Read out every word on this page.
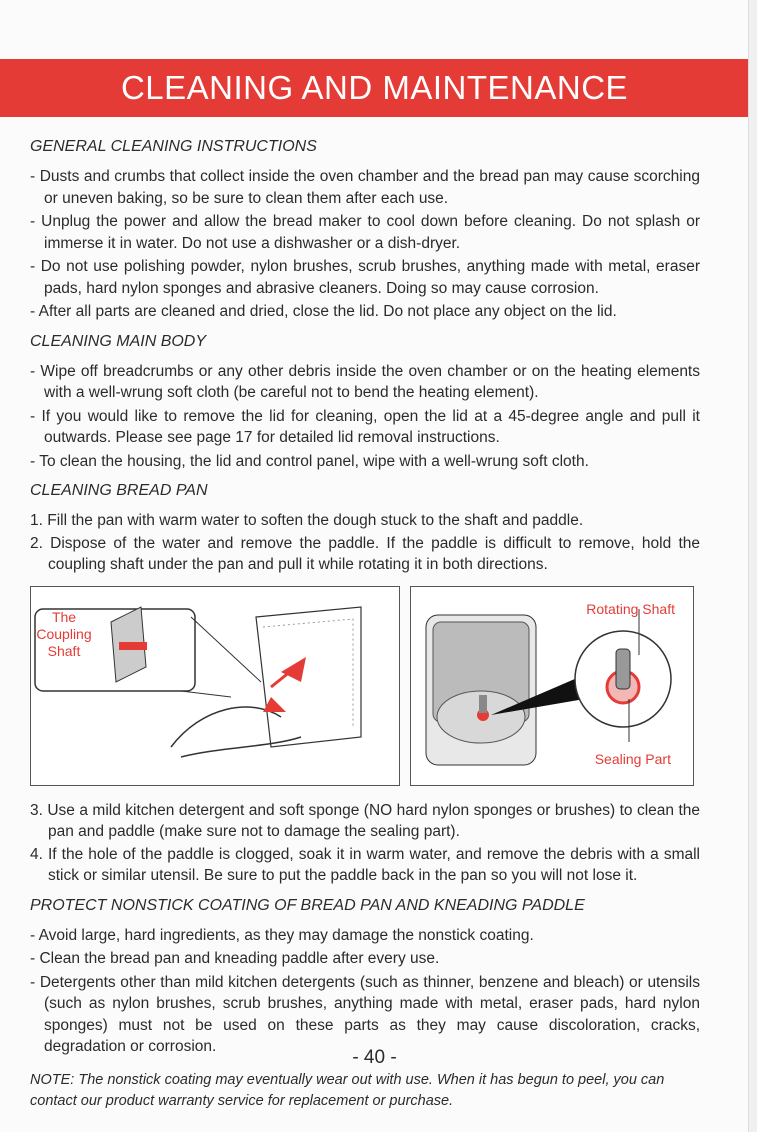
CLEANING AND MAINTENANCE
GENERAL CLEANING INSTRUCTIONS

- Dusts and crumbs that collect inside the oven chamber and the bread pan may cause scorching or uneven baking, so be sure to clean them after each use.

- Unplug the power and allow the bread maker to cool down before cleaning. Do not splash or immerse it in water. Do not use a dishwasher or a dish-dryer.

- Do not use polishing powder, nylon brushes, scrub brushes, anything made with metal, eraser pads, hard nylon sponges and abrasive cleaners. Doing so may cause corrosion.

- After all parts are cleaned and dried, close the lid. Do not place any object on the lid.

CLEANING MAIN BODY

- Wipe off breadcrumbs or any other debris inside the oven chamber or on the heating elements with a well-wrung soft cloth (be careful not to bend the heating element).

- If you would like to remove the lid for cleaning, open the lid at a 45-degree angle and pull it outwards. Please see page 17 for detailed lid removal instructions.

- To clean the housing, the lid and control panel, wipe with a well-wrung soft cloth.

CLEANING BREAD PAN

1. Fill the pan with warm water to soften the dough stuck to the shaft and paddle.

2. Dispose of the water and remove the paddle. If the paddle is difficult to remove, hold the coupling shaft under the pan and pull it while rotating it in both directions.

The Coupling Shaft
Rotating Shaft
Sealing Part

3. Use a mild kitchen detergent and soft sponge (NO hard nylon sponges or brushes) to clean the pan and paddle (make sure not to damage the sealing part).

4. If the hole of the paddle is clogged, soak it in warm water, and remove the debris with a small stick or similar utensil. Be sure to put the paddle back in the pan so you will not lose it.

PROTECT NONSTICK COATING OF BREAD PAN AND KNEADING PADDLE

- Avoid large, hard ingredients, as they may damage the nonstick coating.

- Clean the bread pan and kneading paddle after every use.

- Detergents other than mild kitchen detergents (such as thinner, benzene and bleach) or utensils (such as nylon brushes, scrub brushes, anything made with metal, eraser pads, hard nylon sponges) must not be used on these parts as they may cause discoloration, cracks, degradation or corrosion.

NOTE: The nonstick coating may eventually wear out with use. When it has begun to peel, you can contact our product warranty service for replacement or purchase.

- 40 -
